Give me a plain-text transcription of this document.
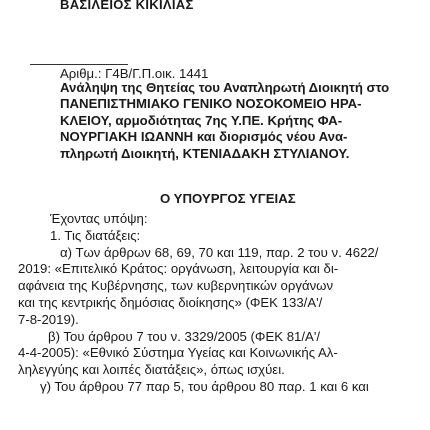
ΒΑΣΙΛΕΙΟΣ ΚΙΚΙΛΙΑΣ
Αριθμ.: Γ4Β/Γ.Π.οικ. 1441
Ανάληψη της Θητείας του Αναπληρωτή Διοικητή στο
ΠΑΝΕΠΙΣΤΗΜΙΑΚΟ ΓΕΝΙΚΟ ΝΟΣΟΚΟΜΕΙΟ ΗΡΑ-
ΚΛΕΙΟΥ, αρμοδιότητας 7ης Υ.ΠΕ. Κρήτης ΦΑ-
ΝΟΥΡΓΙΑΚΗ ΙΩΑΝΝΗ και διορισμός νέου Ανα-
πληρωτή Διοικητή, ΚΤΕΝΙΑΔΑΚΗ ΣΤΥΛΙΑΝΟΥ.
Ο ΥΠΟΥΡΓΟΣ ΥΓΕΙΑΣ
Έχοντας υπόψη:
1. Τις διατάξεις:
α) Των άρθρων 68, 69, 70 και 119, παρ. 2 του ν. 4622/
2019: «Επιτελικό Κράτος: οργάνωση, λειτουργία και δι-
αφάνεια της Κυβέρνησης, των κυβερνητικών οργάνων
και της κεντρικής δημόσιας διοίκησης» (ΦΕΚ 133/Α'/
7-8-2019).
β) Του άρθρου 7 του ν. 3329/2005 (ΦΕΚ 81/Α'/
4-4-2005): «Εθνικό Σύστημα Υγείας και Κοινωνικής Αλ-
ληλεγγύης και λοιπές διατάξεις», όπως ισχύει.
γ) Του άρθρου 77 παρ 5, του άρθρου 80 παρ. 1 και 6 και
